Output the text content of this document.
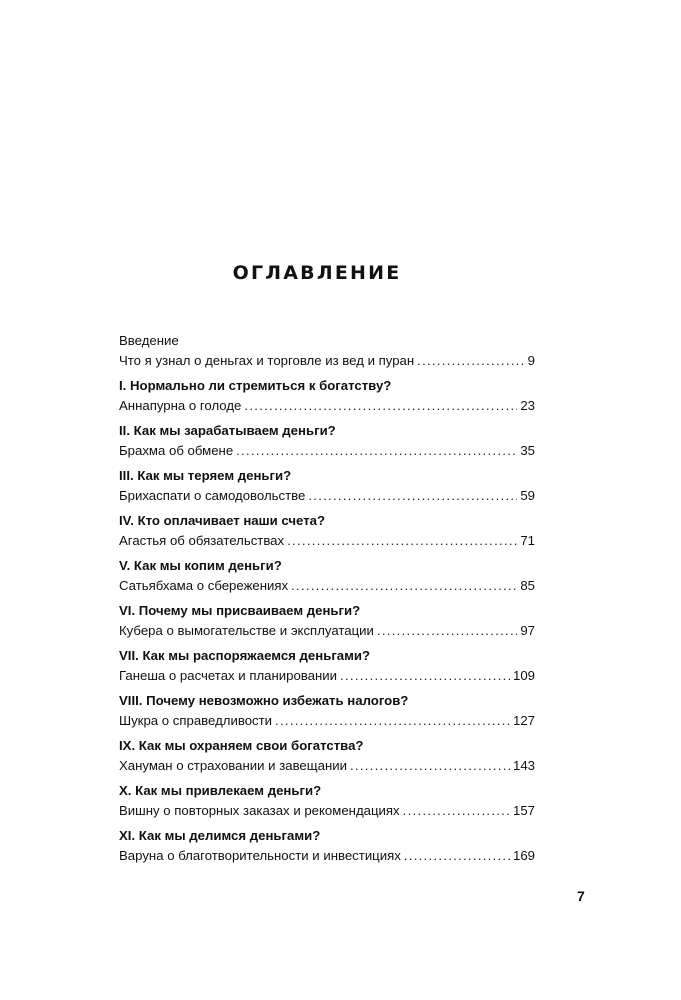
ОГЛАВЛЕНИЕ
Введение
Что я узнал о деньгах и торговле из вед и пуран . . .	9
I. Нормально ли стремиться к богатству?
Аннапурна о голоде . . .	23
II. Как мы зарабатываем деньги?
Брахма об обмене . . .	35
III. Как мы теряем деньги?
Брихаспати о самодовольстве . . .	59
IV. Кто оплачивает наши счета?
Агастья об обязательствах . . .	71
V. Как мы копим деньги?
Сатьябхама о сбережениях . . .	85
VI. Почему мы присваиваем деньги?
Кубера о вымогательстве и эксплуатации . . .	97
VII. Как мы распоряжаемся деньгами?
Ганеша о расчетах и планировании . . .	109
VIII. Почему невозможно избежать налогов?
Шукра о справедливости . . .	127
IX. Как мы охраняем свои богатства?
Хануман о страховании и завещании . . .	143
X. Как мы привлекаем деньги?
Вишну о повторных заказах и рекомендациях . . .	157
XI. Как мы делимся деньгами?
Варуна о благотворительности и инвестициях . . .	169
7
